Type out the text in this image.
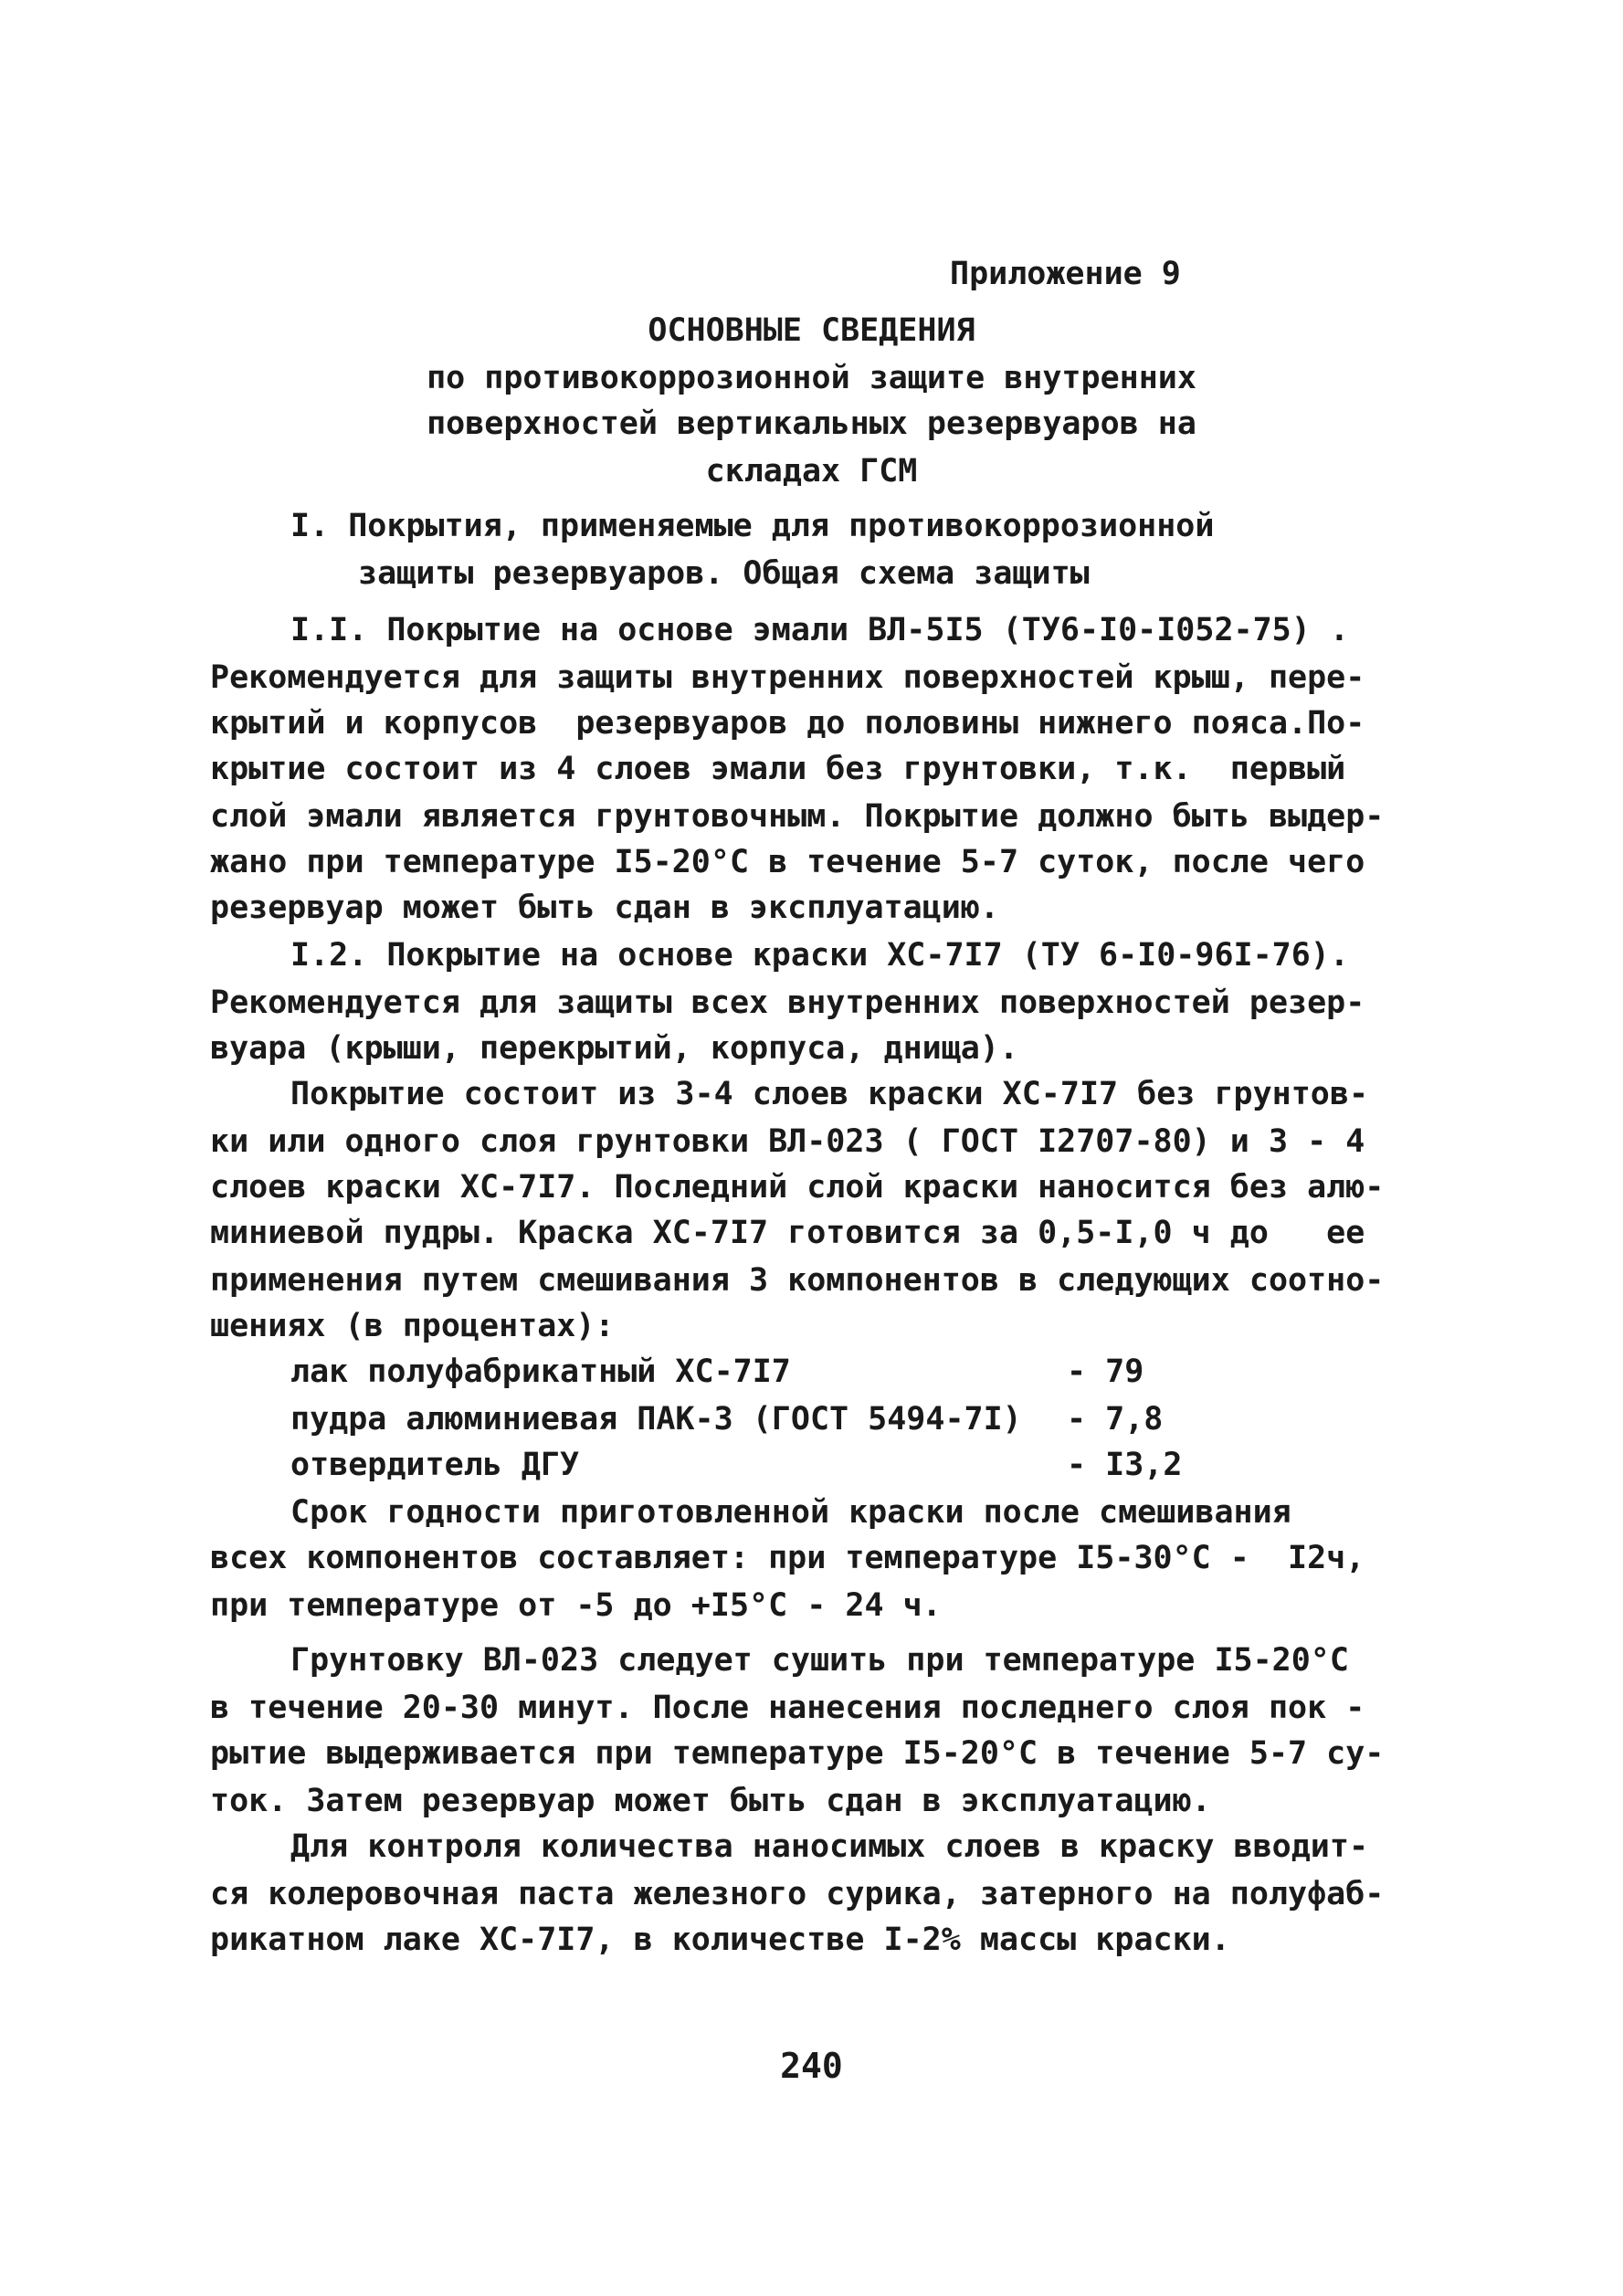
Приложение 9
ОСНОВНЫЕ СВЕДЕНИЯ
по противокоррозионной защите внутренних
поверхностей вертикальных резервуаров на
складах ГСМ
I. Покрытия, применяемые для противокоррозионной
защиты резервуаров. Общая схема защиты
I.I. Покрытие на основе эмали ВЛ-5I5 (ТУ6-I0-I052-75) .
Рекомендуется для защиты внутренних поверхностей крыш, пере-
крытий и корпусов  резервуаров до половины нижнего пояса.По-
крытие состоит из 4 слоев эмали без грунтовки, т.к.  первый
слой эмали является грунтовочным. Покрытие должно быть выдер-
жано при температуре I5-20°С в течение 5-7 суток, после чего
резервуар может быть сдан в эксплуатацию.
I.2. Покрытие на основе краски ХС-7I7 (ТУ 6-I0-96I-76).
Рекомендуется для защиты всех внутренних поверхностей резер-
вуара (крыши, перекрытий, корпуса, днища).
Покрытие состоит из 3-4 слоев краски ХС-7I7 без грунтов-
ки или одного слоя грунтовки ВЛ-023 ( ГОСТ I2707-80) и 3 - 4
слоев краски ХС-7I7. Последний слой краски наносится без алю-
миниевой пудры. Краска ХС-7I7 готовится за 0,5-I,0 ч до   ее
применения путем смешивания 3 компонентов в следующих соотно-
шениях (в процентах):
лак полуфабрикатный ХС-7I7	- 79
пудра алюминиевая ПАК-3 (ГОСТ 5494-7I) - 7,8
отвердитель ДГУ	- I3,2
Срок годности приготовленной краски после смешивания
всех компонентов составляет: при температуре I5-30°С -  I2ч,
при температуре от -5 до +I5°С - 24 ч.
Грунтовку ВЛ-023 следует сушить при температуре I5-20°С
в течение 20-30 минут. После нанесения последнего слоя пок -
рытие выдерживается при температуре I5-20°С в течение 5-7 су-
ток. Затем резервуар может быть сдан в эксплуатацию.
Для контроля количества наносимых слоев в краску вводит-
ся колеровочная паста железного сурика, затерного на полуфаб-
рикатном лаке ХС-7I7, в количестве I-2% массы краски.
240
